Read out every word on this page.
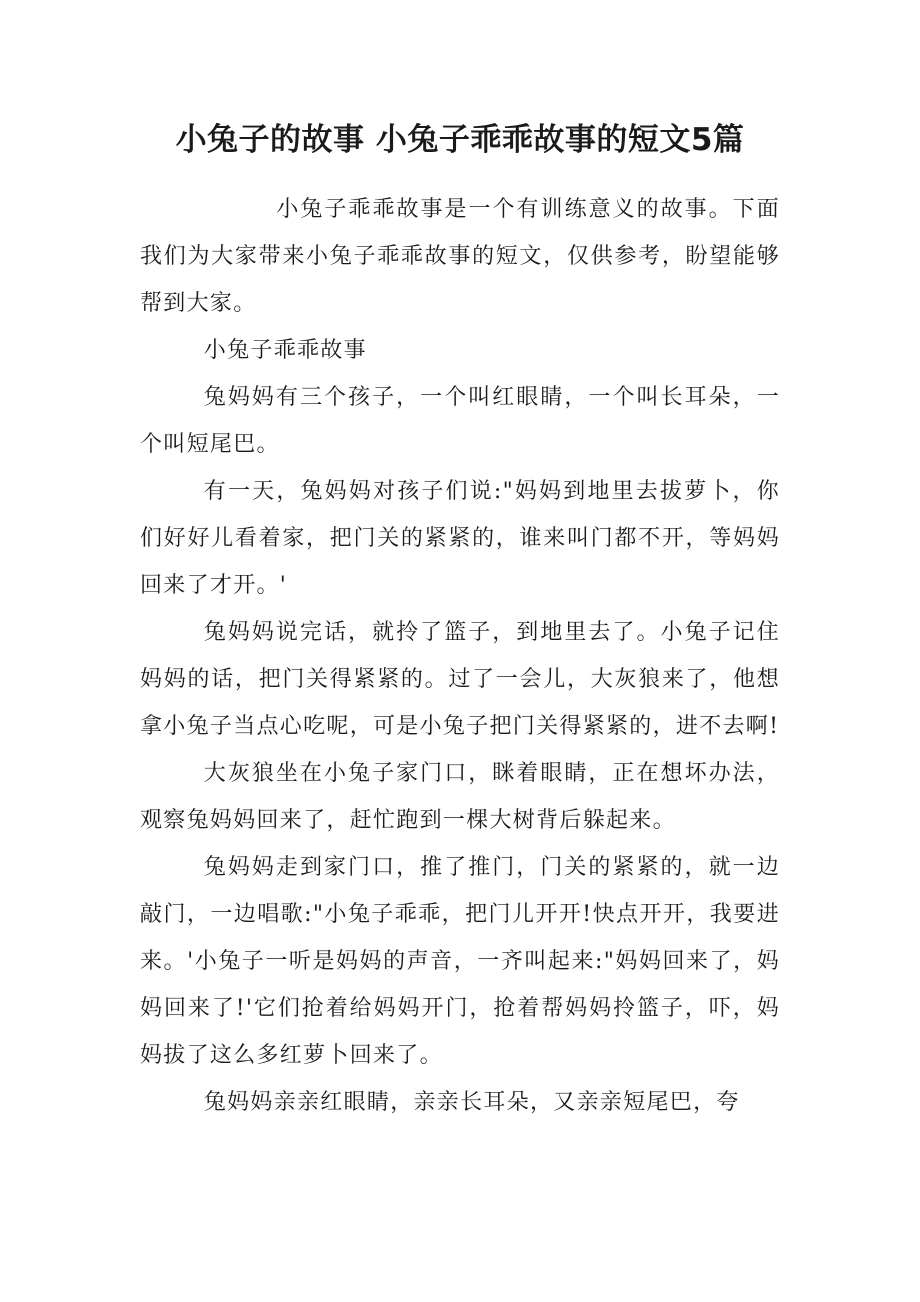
小兔子的故事 小兔子乖乖故事的短文5篇

小兔子乖乖故事是一个有训练意义的故事。下面我们为大家带来小兔子乖乖故事的短文，仅供参考，盼望能够帮到大家。

小兔子乖乖故事

兔妈妈有三个孩子，一个叫红眼睛，一个叫长耳朵，一个叫短尾巴。

有一天，兔妈妈对孩子们说:"妈妈到地里去拔萝卜，你们好好儿看着家，把门关的紧紧的，谁来叫门都不开，等妈妈回来了才开。'

兔妈妈说完话，就拎了篮子，到地里去了。小兔子记住妈妈的话，把门关得紧紧的。过了一会儿，大灰狼来了，他想拿小兔子当点心吃呢，可是小兔子把门关得紧紧的，进不去啊!

大灰狼坐在小兔子家门口，眯着眼睛，正在想坏办法，观察兔妈妈回来了，赶忙跑到一棵大树背后躲起来。

兔妈妈走到家门口，推了推门，门关的紧紧的，就一边敲门，一边唱歌:"小兔子乖乖，把门儿开开!快点开开，我要进来。'小兔子一听是妈妈的声音，一齐叫起来:"妈妈回来了，妈妈回来了!'它们抢着给妈妈开门，抢着帮妈妈拎篮子，吓，妈妈拔了这么多红萝卜回来了。

兔妈妈亲亲红眼睛，亲亲长耳朵，又亲亲短尾巴，夸
